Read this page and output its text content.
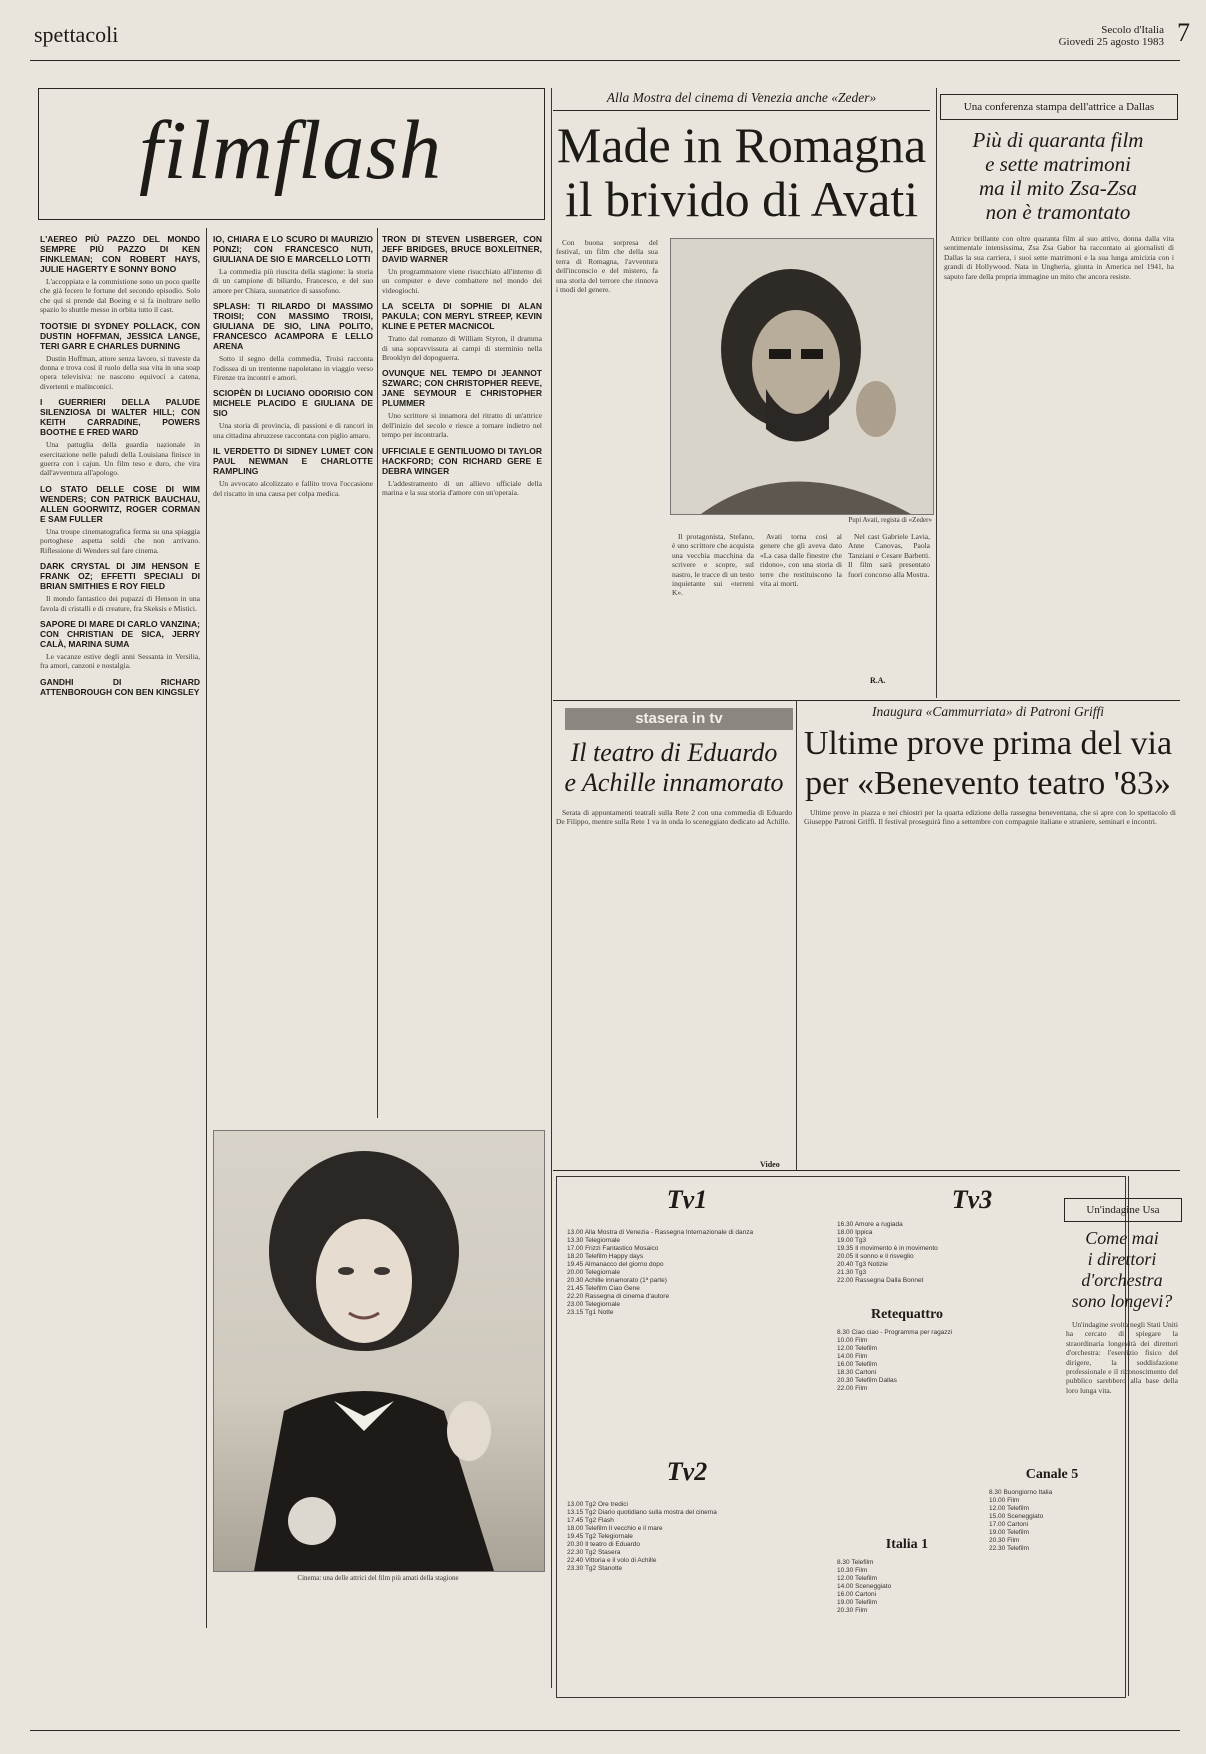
spettacoli	Secolo d'Italia
Giovedì 25 agosto 1983 7
filmflash
L'AEREO PIÙ PAZZO DEL MONDO SEMPRE PIÙ PAZZO DI KEN FINKLEMAN; CON ROBERT HAYS, JULIE HAGERTY E SONNY BONO

L'accoppiata e la commistione sono un poco quelle che già fecero le fortune del secondo episodio. Solo che qui si prende dal Boeing e si fa inoltrare nello spazio lo shuttle messo in orbita tutto il cast.

TOOTSIE DI SYDNEY POLLACK, CON DUSTIN HOFFMAN, JESSICA LANGE, TERI GARR E CHARLES DURNING

Dustin Hoffman, attore senza lavoro, si traveste da donna e trova così il ruolo della sua vita in una soap opera televisiva: ne nascono equivoci a catena, divertenti e malinconici.

I GUERRIERI DELLA PALUDE SILENZIOSA DI WALTER HILL; CON KEITH CARRADINE, POWERS BOOTHE E FRED WARD

Una pattuglia della guardia nazionale in esercitazione nelle paludi della Louisiana finisce in guerra con i cajun. Un film teso e duro, che vira dall'avventura all'apologo.

LO STATO DELLE COSE DI WIM WENDERS; CON PATRICK BAUCHAU, ALLEN GOORWITZ, ROGER CORMAN E SAM FULLER

Una troupe cinematografica ferma su una spiaggia portoghese aspetta soldi che non arrivano. Riflessione di Wenders sul fare cinema.

DARK CRYSTAL DI JIM HENSON E FRANK OZ; EFFETTI SPECIALI DI BRIAN SMITHIES E ROY FIELD

Il mondo fantastico dei pupazzi di Henson in una favola di cristalli e di creature, fra Skeksis e Mistici.

SAPORE DI MARE DI CARLO VANZINA; CON CHRISTIAN DE SICA, JERRY CALÀ, MARINA SUMA

Le vacanze estive degli anni Sessanta in Versilia, fra amori, canzoni e nostalgia.

GANDHI DI RICHARD ATTENBOROUGH CON BEN KINGSLEY
IO, CHIARA E LO SCURO DI MAURIZIO PONZI; CON FRANCESCO NUTI, GIULIANA DE SIO E MARCELLO LOTTI

La commedia più riuscita della stagione: la storia di un campione di biliardo, Francesco, e del suo amore per Chiara, suonatrice di sassofono.

SPLASH: TI RILARDO DI MASSIMO TROISI; CON MASSIMO TROISI, GIULIANA DE SIO, LINA POLITO, FRANCESCO ACAMPORA E LELLO ARENA

Sotto il segno della commedia, Troisi racconta l'odissea di un trentenne napoletano in viaggio verso Firenze tra incontri e amori.

SCIOPÈN DI LUCIANO ODORISIO CON MICHELE PLACIDO E GIULIANA DE SIO

Una storia di provincia, di passioni e di rancori in una cittadina abruzzese raccontata con piglio amaro.

IL VERDETTO DI SIDNEY LUMET CON PAUL NEWMAN E CHARLOTTE RAMPLING

Un avvocato alcolizzato e fallito trova l'occasione del riscatto in una causa per colpa medica.

TRON DI STEVEN LISBERGER, CON JEFF BRIDGES, BRUCE BOXLEITNER, DAVID WARNER

Un programmatore viene risucchiato all'interno di un computer e deve combattere nel mondo dei videogiochi.

LA SCELTA DI SOPHIE DI ALAN PAKULA; CON MERYL STREEP, KEVIN KLINE E PETER MACNICOL

Tratto dal romanzo di William Styron, il dramma di una sopravvissuta ai campi di sterminio nella Brooklyn del dopoguerra.

OVUNQUE NEL TEMPO DI JEANNOT SZWARC; CON CHRISTOPHER REEVE, JANE SEYMOUR E CHRISTOPHER PLUMMER

Uno scrittore si innamora del ritratto di un'attrice dell'inizio del secolo e riesce a tornare indietro nel tempo per incontrarla.

UFFICIALE E GENTILUOMO DI TAYLOR HACKFORD; CON RICHARD GERE E DEBRA WINGER

L'addestramento di un allievo ufficiale della marina e la sua storia d'amore con un'operaia.

Cinema: una delle attrici del film più amati della stagione
Alla Mostra del cinema di Venezia anche «Zeder»
Made in Romagna
il brivido di Avati

Con buona sorpresa del festival, un film che della sua terra di Romagna, l'avventura dell'inconscio e del mistero, fa una storia del terrore che rinnova i modi del genere.

Pupi Avati, regista di «Zeder»

Il protagonista, Stefano, è uno scrittore che acquista una vecchia macchina da scrivere e scopre, sul nastro, le tracce di un testo inquietante sui «terreni K».

Avati torna così al genere che gli aveva dato «La casa dalle finestre che ridono», con una storia di terre che restituiscono la vita ai morti.

Nel cast Gabriele Lavia, Anne Canovas, Paola Tanziani e Cesare Barbetti. Il film sarà presentato fuori concorso alla Mostra.

R.A.
Una conferenza stampa dell'attrice a Dallas
Più di quaranta film
e sette matrimoni
ma il mito Zsa-Zsa
non è tramontato

Attrice brillante con oltre quaranta film al suo attivo, donna dalla vita sentimentale intensissima, Zsa Zsa Gabor ha raccontato ai giornalisti di Dallas la sua carriera, i suoi sette matrimoni e la sua lunga amicizia con i grandi di Hollywood. Nata in Ungheria, giunta in America nel 1941, ha saputo fare della propria immagine un mito che ancora resiste.

stasera in tv
Il teatro di Eduardo
e Achille innamorato

Serata di appuntamenti teatrali sulla Rete 2 con una commedia di Eduardo De Filippo, mentre sulla Rete 1 va in onda lo sceneggiato dedicato ad Achille.

Video
Inaugura «Cammurriata» di Patroni Griffi
Ultime prove prima del via
per «Benevento teatro '83»

Ultime prove in piazza e nei chiostri per la quarta edizione della rassegna beneventana, che si apre con lo spettacolo di Giuseppe Patroni Griffi. Il festival proseguirà fino a settembre con compagnie italiane e straniere, seminari e incontri.

Tv1
13.00 Alla Mostra di Venezia - Rassegna Internazionale di danza
13.30 Telegiornale
17.00 Frizzi Fantastico Mosaico
18.20 Telefilm Happy days
19.45 Almanacco del giorno dopo
20.00 Telegiornale
20.30 Achille innamorato (1ª parte)
21.45 Telefilm Ciao Gene
22.20 Rassegna di cinema d'autore
23.00 Telegiornale
23.15 Tg1 Notte
Tv2
13.00 Tg2 Ore tredici
13.15 Tg2 Diario quotidiano sulla mostra del cinema
17.45 Tg2 Flash
18.00 Telefilm Il vecchio e il mare
19.45 Tg2 Telegiornale
20.30 Il teatro di Eduardo
22.30 Tg2 Stasera
22.40 Vittoria e il volo di Achille
23.30 Tg2 Stanotte
Tv3
16.30 Amore a rugiada
18.00 Ippica
19.00 Tg3
19.35 Il movimento è in movimento
20.05 Il sonno e il risveglio
20.40 Tg3 Notizie
21.30 Tg3
22.00 Rassegna Dalla Bonnet
Retequattro
8.30 Ciao ciao - Programma per ragazzi
10.00 Film
12.00 Telefilm
14.00 Film
16.00 Telefilm
18.30 Cartoni
20.30 Telefilm Dallas
22.00 Film
Italia 1
8.30 Telefilm
10.30 Film
12.00 Telefilm
14.00 Sceneggiato
16.00 Cartoni
19.00 Telefilm
20.30 Film
Canale 5
8.30 Buongiorno Italia
10.00 Film
12.00 Telefilm
15.00 Sceneggiato
17.00 Cartoni
19.00 Telefilm
20.30 Film
22.30 Telefilm
Un'indagine Usa
Come mai
i direttori
d'orchestra
sono longevi?

Un'indagine svolta negli Stati Uniti ha cercato di spiegare la straordinaria longevità dei direttori d'orchestra: l'esercizio fisico del dirigere, la soddisfazione professionale e il riconoscimento del pubblico sarebbero alla base della loro lunga vita.
